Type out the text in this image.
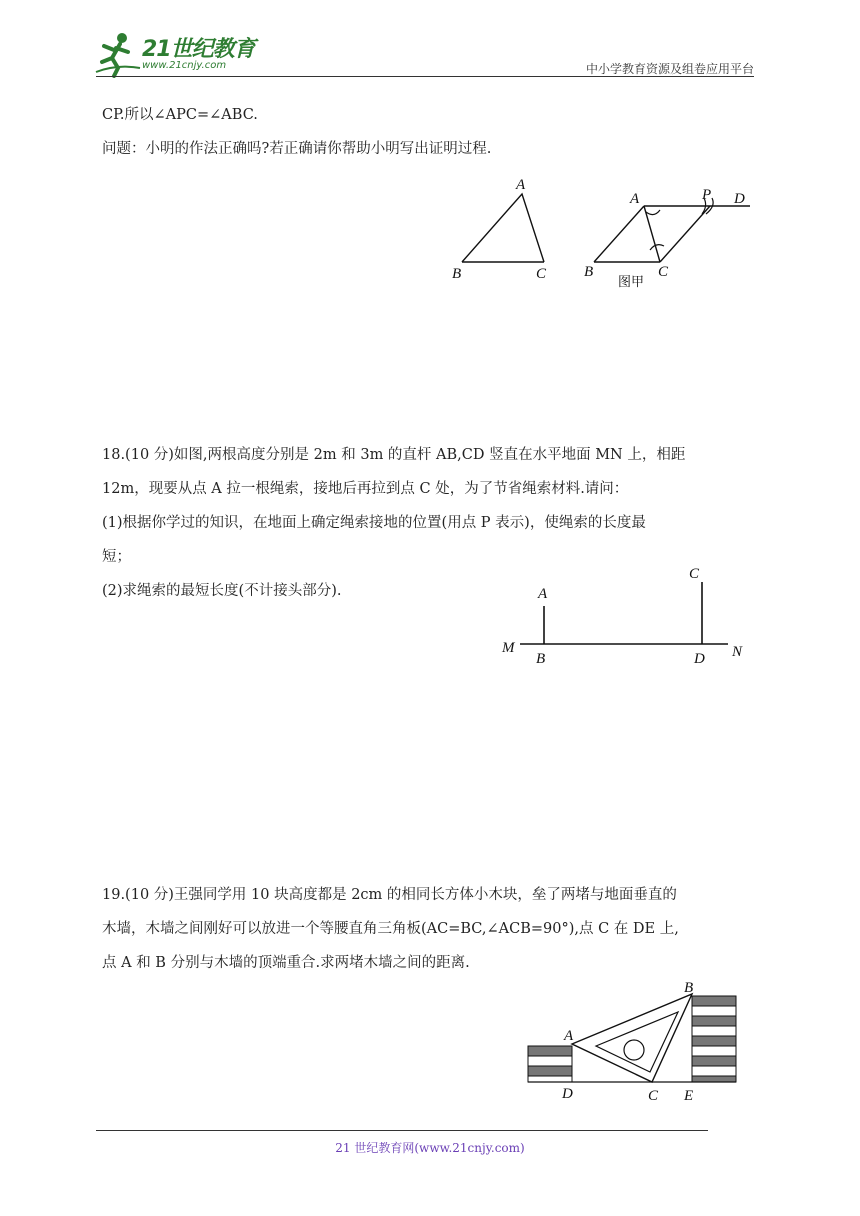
21世纪教育
www.21cnjy.com	中小学教育资源及组卷应用平台
CP.所以∠APC=∠ABC.
问题：小明的作法正确吗?若正确请你帮助小明写出证明过程.
A
B	C
A	P D
B	C
图甲
18.(10 分)如图,两根高度分别是 2m 和 3m 的直杆 AB,CD 竖直在水平地面 MN 上，相距
12m，现要从点 A 拉一根绳索，接地后再拉到点 C 处，为了节省绳索材料.请问：
(1)根据你学过的知识，在地面上确定绳索接地的位置(用点 P 表示)，使绳索的长度最
短；
(2)求绳索的最短长度(不计接头部分).	A
B
C
D
M	N
19.(10 分)王强同学用 10 块高度都是 2cm 的相同长方体小木块，垒了两堵与地面垂直的
木墙，木墙之间刚好可以放进一个等腰直角三角板(AC=BC,∠ACB=90°),点 C 在 DE 上,
点 A 和 B 分别与木墙的顶端重合.求两堵木墙之间的距离.
A
B
C
D	E
21 世纪教育网(www.21cnjy.com)
